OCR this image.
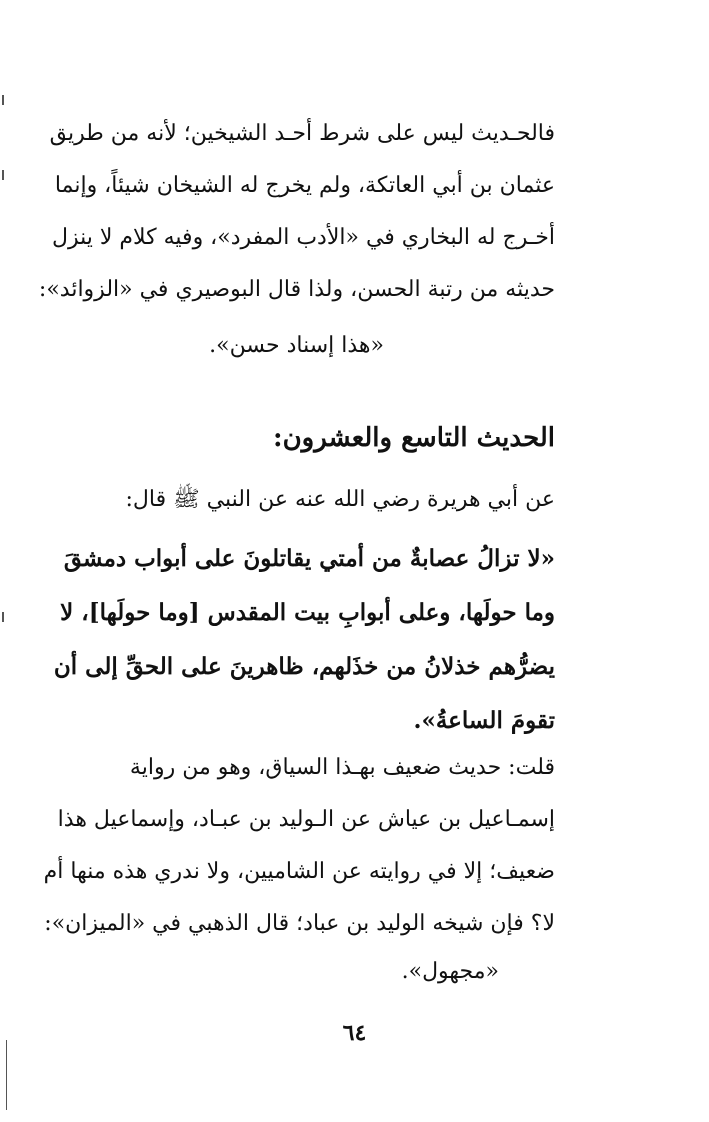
فالحـديث ليس على شرط أحـد الشيخين؛ لأنه من طريق
عثمان بن أبي العاتكة، ولم يخرج له الشيخان شيئاً، وإنما
أخـرج له البخاري في «الأدب المفرد»، وفيه كلام لا ينزل
حديثه من رتبة الحسن، ولذا قال البوصيري في «الزوائد»:
«هذا إسناد حسن».
الحديث التاسع والعشرون:
عن أبي هريرة رضي الله عنه عن النبي ﷺ قال:
«لا تزالُ عصابةٌ من أمتي يقاتلونَ على أبواب دمشقَ
وما حولَها، وعلى أبوابِ بيت المقدس [وما حولَها]، لا
يضرُّهم خذلانُ من خذَلهم، ظاهرينَ على الحقِّ إلى أن
تقومَ الساعةُ».
قلت: حديث ضعيف بهـذا السياق، وهو من رواية
إسمـاعيل بن عياش عن الـوليد بن عبـاد، وإسماعيل هذا
ضعيف؛ إلا في روايته عن الشاميين، ولا ندري هذه منها أم
لا؟ فإن شيخه الوليد بن عباد؛ قال الذهبي في «الميزان»:
«مجهول».
٦٤
